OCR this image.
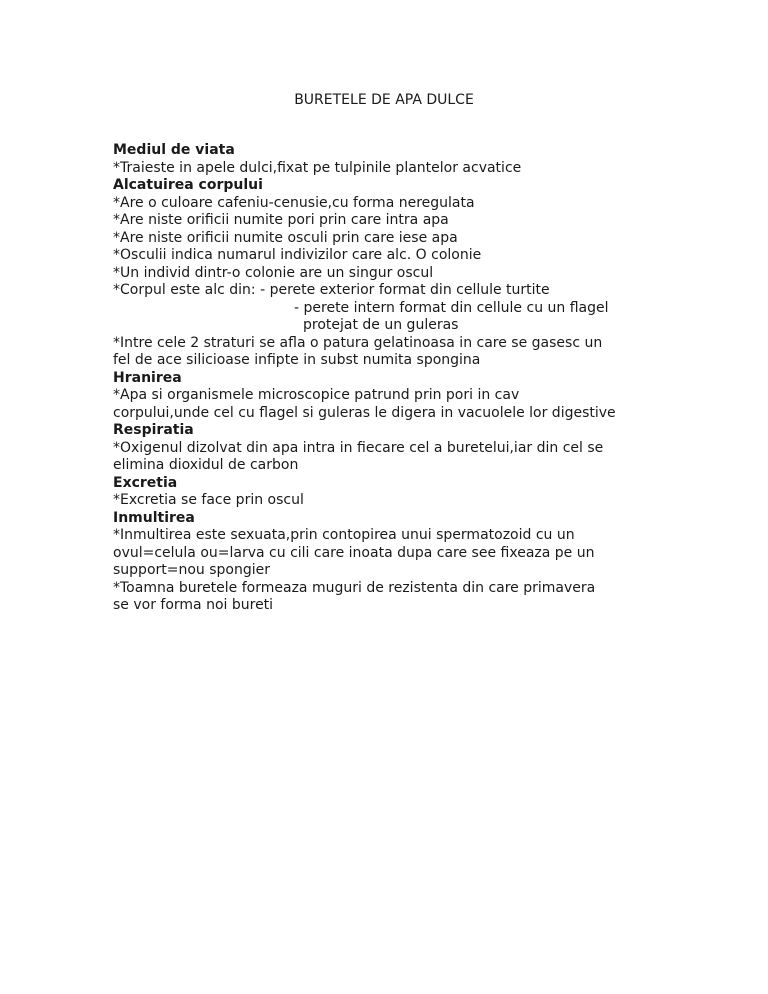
BURETELE DE APA DULCE
Mediul de viata
*Traieste in apele dulci,fixat pe tulpinile plantelor acvatice
Alcatuirea corpului
*Are o culoare cafeniu-cenusie,cu forma neregulata
*Are niste orificii numite pori prin care intra apa
*Are niste orificii numite osculi prin care iese apa
*Osculii indica numarul indivizilor care alc. O colonie
*Un individ dintr-o colonie are un singur oscul
*Corpul este alc din: - perete exterior format din cellule turtite
- perete intern format din cellule cu un flagel
protejat de un guleras
*Intre cele 2 straturi se afla o patura gelatinoasa in care se gasesc un
fel de ace silicioase infipte in subst numita spongina
Hranirea
*Apa si organismele microscopice patrund prin pori in cav
corpului,unde cel cu flagel si guleras le digera in vacuolele lor digestive
Respiratia
*Oxigenul dizolvat din apa intra in fiecare cel a buretelui,iar din cel se
elimina dioxidul de carbon
Excretia
*Excretia se face prin oscul
Inmultirea
*Inmultirea este sexuata,prin contopirea unui spermatozoid cu un
ovul=celula ou=larva cu cili care inoata dupa care see fixeaza pe un
support=nou spongier
*Toamna buretele formeaza muguri de rezistenta din care primavera
se vor forma noi bureti
